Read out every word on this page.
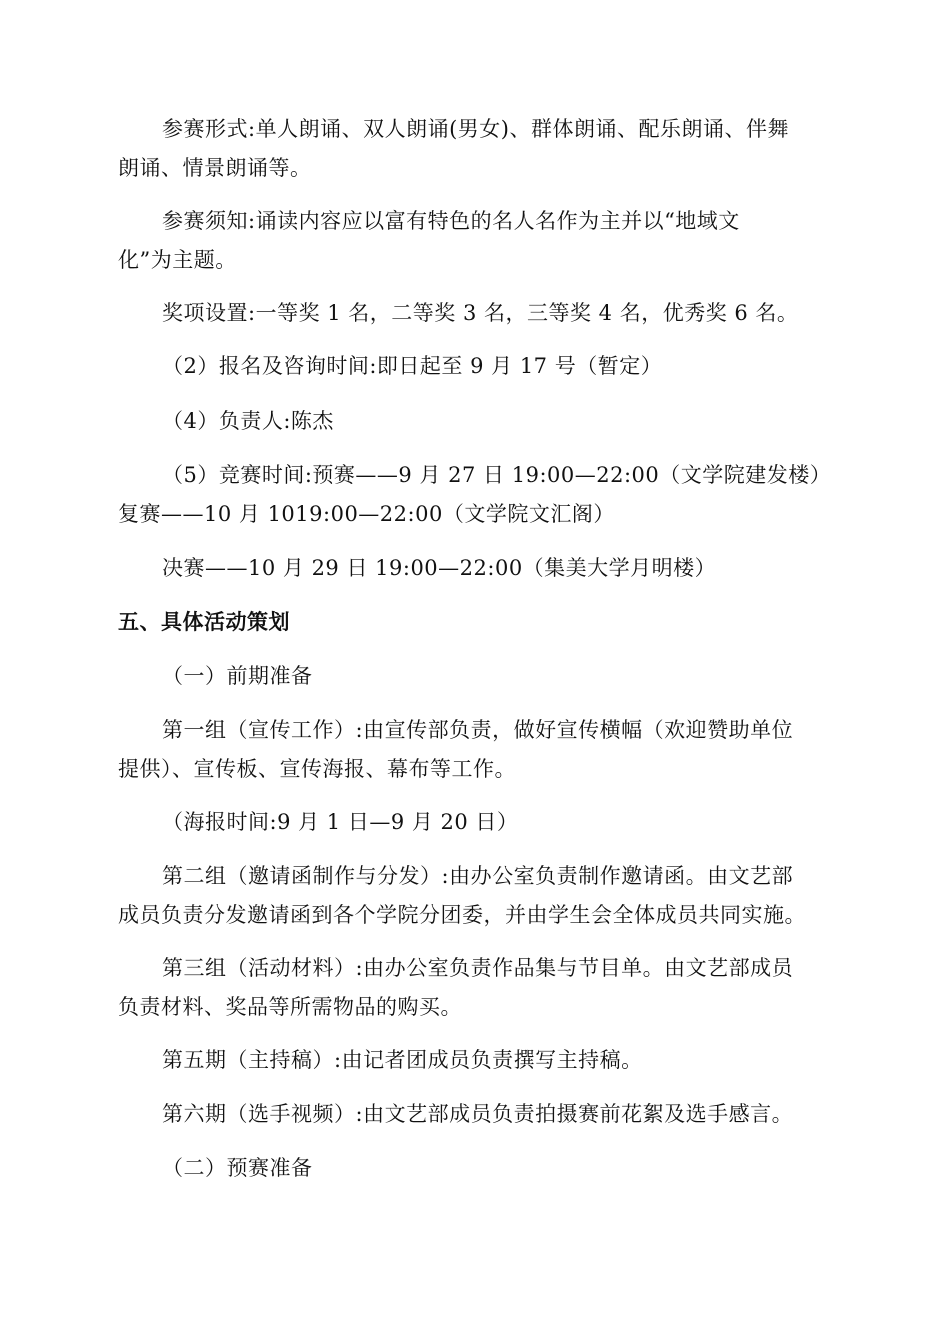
参赛形式:单人朗诵、双人朗诵(男女)、群体朗诵、配乐朗诵、伴舞
朗诵、情景朗诵等。
参赛须知:诵读内容应以富有特色的名人名作为主并以“地域文
化”为主题。
奖项设置:一等奖 1 名，二等奖 3 名，三等奖 4 名，优秀奖 6 名。
（2）报名及咨询时间:即日起至 9 月 17 号（暂定）
（4）负责人:陈杰
（5）竞赛时间:预赛——9 月 27 日 19:00—22:00（文学院建发楼）
复赛——10 月 1019:00—22:00（文学院文汇阁）
决赛——10 月 29 日 19:00—22:00（集美大学月明楼）
五、具体活动策划
（一）前期准备
第一组（宣传工作）:由宣传部负责，做好宣传横幅（欢迎赞助单位
提供）、宣传板、宣传海报、幕布等工作。
（海报时间:9 月 1 日—9 月 20 日）
第二组（邀请函制作与分发）:由办公室负责制作邀请函。由文艺部
成员负责分发邀请函到各个学院分团委，并由学生会全体成员共同实施。
第三组（活动材料）:由办公室负责作品集与节目单。由文艺部成员
负责材料、奖品等所需物品的购买。
第五期（主持稿）:由记者团成员负责撰写主持稿。
第六期（选手视频）:由文艺部成员负责拍摄赛前花絮及选手感言。
（二）预赛准备
